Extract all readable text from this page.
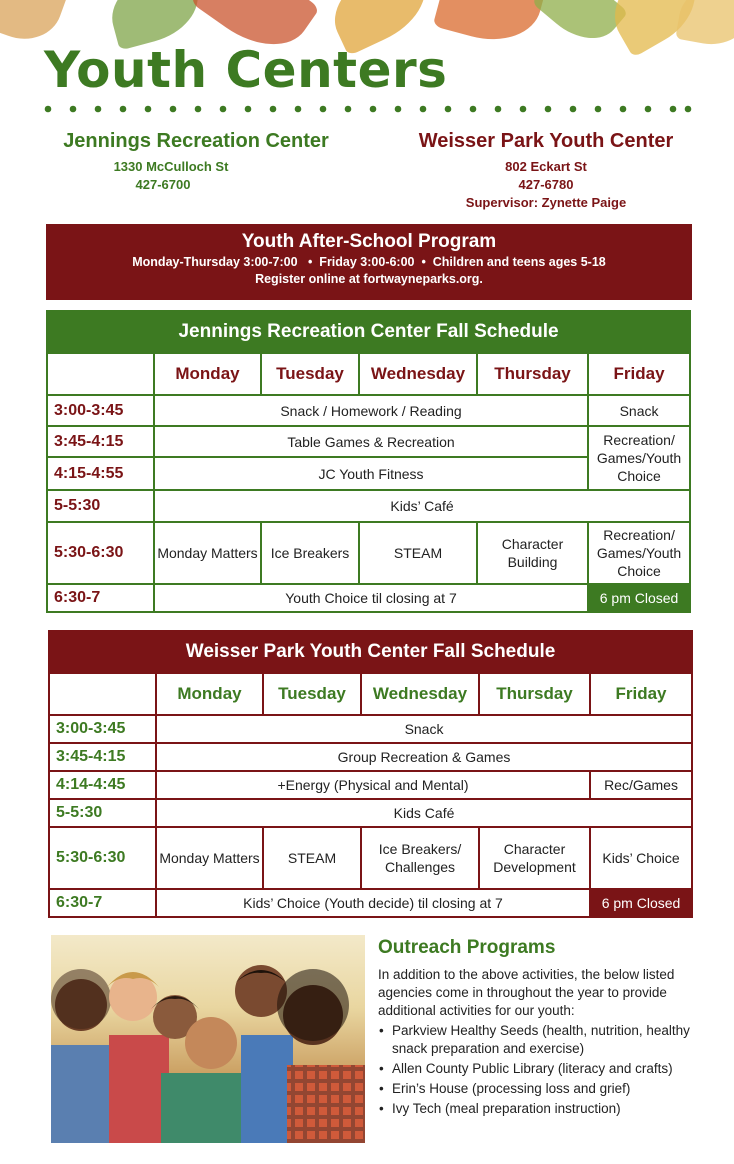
Youth Centers
Jennings Recreation Center
1330 McCulloch St
427-6700
Weisser Park Youth Center
802 Eckart St
427-6780
Supervisor: Zynette Paige
Youth After-School Program
Monday-Thursday 3:00-7:00   •  Friday 3:00-6:00  •  Children and teens ages 5-18
Register online at fortwayneparks.org.
Jennings Recreation Center Fall Schedule					
	Monday	Tuesday	Wednesday	Thursday	Friday
3:00-3:45	Snack / Homework / Reading				Snack
3:45-4:15	Table Games & Recreation				Recreation/ Games/Youth Choice
4:15-4:55	JC Youth Fitness				
5-5:30	Kids’ Café				
5:30-6:30	Monday Matters	Ice Breakers	STEAM	Character Building	Recreation/ Games/Youth Choice
6:30-7	Youth Choice til closing at 7				6 pm Closed
Weisser Park Youth Center Fall Schedule					
	Monday	Tuesday	Wednesday	Thursday	Friday
3:00-3:45	Snack				
3:45-4:15	Group Recreation & Games				
4:14-4:45	+Energy (Physical and Mental)				Rec/Games
5-5:30	Kids Café				
5:30-6:30	Monday Matters	STEAM	Ice Breakers/ Challenges	Character Development	Kids’ Choice
6:30-7	Kids’ Choice (Youth decide) til closing at 7				6 pm Closed
Outreach Programs
In addition to the above activities, the below listed agencies come in throughout the year to provide additional activities for our youth:
• Parkview Healthy Seeds (health, nutrition, healthy snack preparation and exercise)
• Allen County Public Library (literacy and crafts)
• Erin’s House (processing loss and grief)
• Ivy Tech (meal preparation instruction)
